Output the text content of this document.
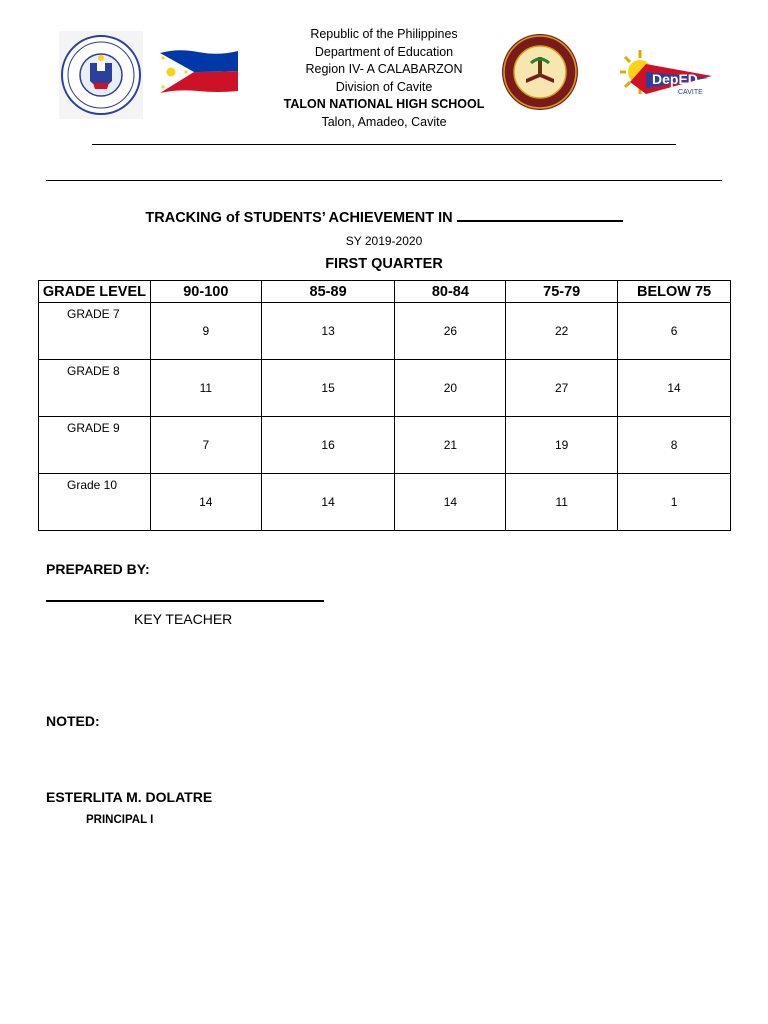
Republic of the Philippines
Department of Education
Region IV- A CALABARZON
Division of Cavite
TALON NATIONAL HIGH SCHOOL
Talon, Amadeo, Cavite
DepED
CAVITE
TRACKING of STUDENTS’ ACHIEVEMENT IN
SY 2019-2020
FIRST QUARTER
GRADE LEVEL	90-100	85-89	80-84	75-79	BELOW 75
GRADE 7	9	13	26	22	6
GRADE 8	11	15	20	27	14
GRADE 9	7	16	21	19	8
Grade 10	14	14	14	11	1
PREPARED BY:
KEY TEACHER
NOTED:
ESTERLITA M. DOLATRE
PRINCIPAL I
